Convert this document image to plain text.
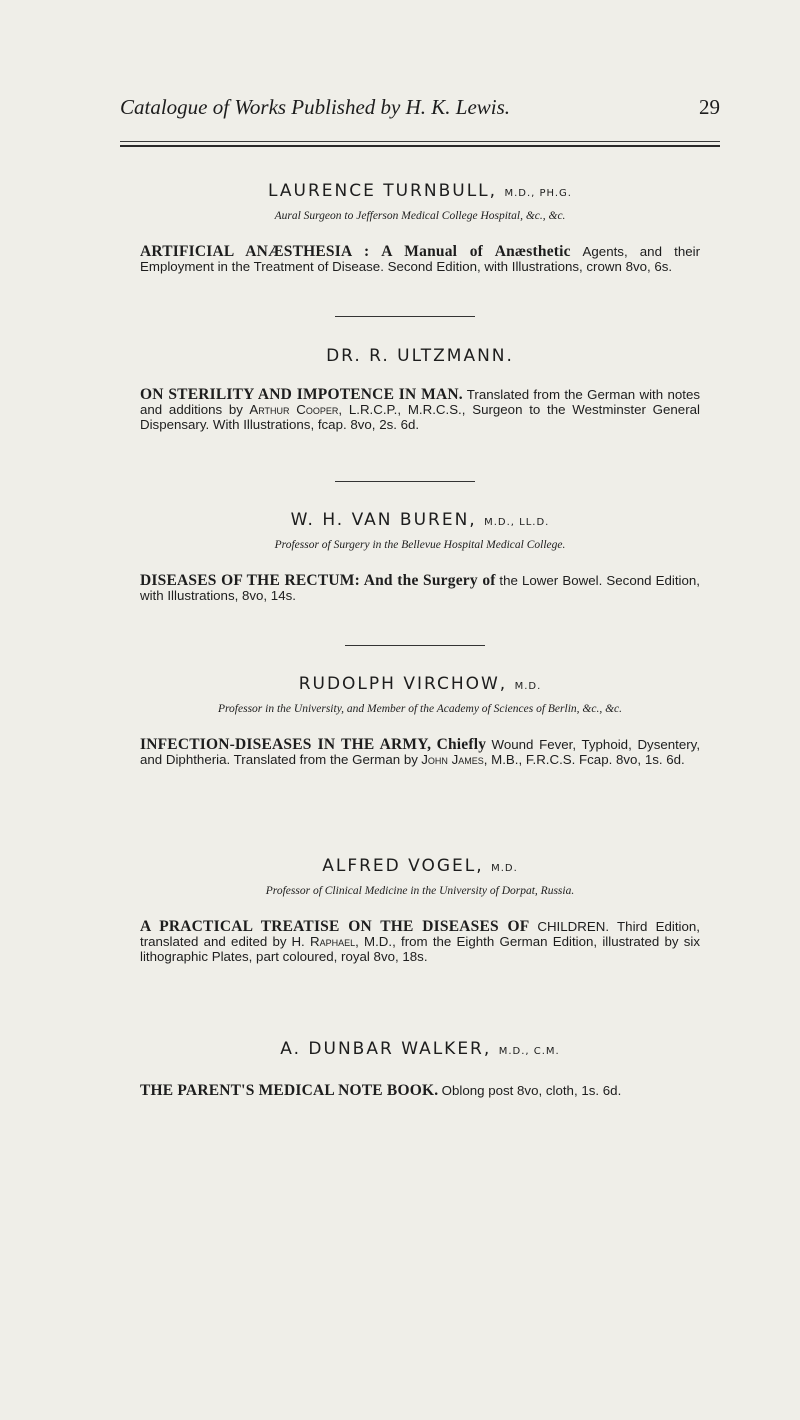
Catalogue of Works Published by H. K. Lewis.	29

LAURENCE TURNBULL, M.D., PH.G.

Aural Surgeon to Jefferson Medical College Hospital, &c., &c.

ARTIFICIAL ANÆSTHESIA : A Manual of Anæsthetic Agents, and their Employment in the Treatment of Disease. Second Edition, with Illustrations, crown 8vo, 6s.

DR. R. ULTZMANN.

ON STERILITY AND IMPOTENCE IN MAN. Translated from the German with notes and additions by Arthur Cooper, L.R.C.P., M.R.C.S., Surgeon to the Westminster General Dispensary. With Illustrations, fcap. 8vo, 2s. 6d.

W. H. VAN BUREN, M.D., LL.D.

Professor of Surgery in the Bellevue Hospital Medical College.

DISEASES OF THE RECTUM: And the Surgery of the Lower Bowel. Second Edition, with Illustrations, 8vo, 14s.

RUDOLPH VIRCHOW, M.D.

Professor in the University, and Member of the Academy of Sciences of Berlin, &c., &c.

INFECTION-DISEASES IN THE ARMY, Chiefly Wound Fever, Typhoid, Dysentery, and Diphtheria. Translated from the German by John James, M.B., F.R.C.S. Fcap. 8vo, 1s. 6d.

ALFRED VOGEL, M.D.

Professor of Clinical Medicine in the University of Dorpat, Russia.

A PRACTICAL TREATISE ON THE DISEASES OF CHILDREN. Third Edition, translated and edited by H. Raphael, M.D., from the Eighth German Edition, illustrated by six lithographic Plates, part coloured, royal 8vo, 18s.

A. DUNBAR WALKER, M.D., C.M.

THE PARENT'S MEDICAL NOTE BOOK. Oblong post 8vo, cloth, 1s. 6d.
